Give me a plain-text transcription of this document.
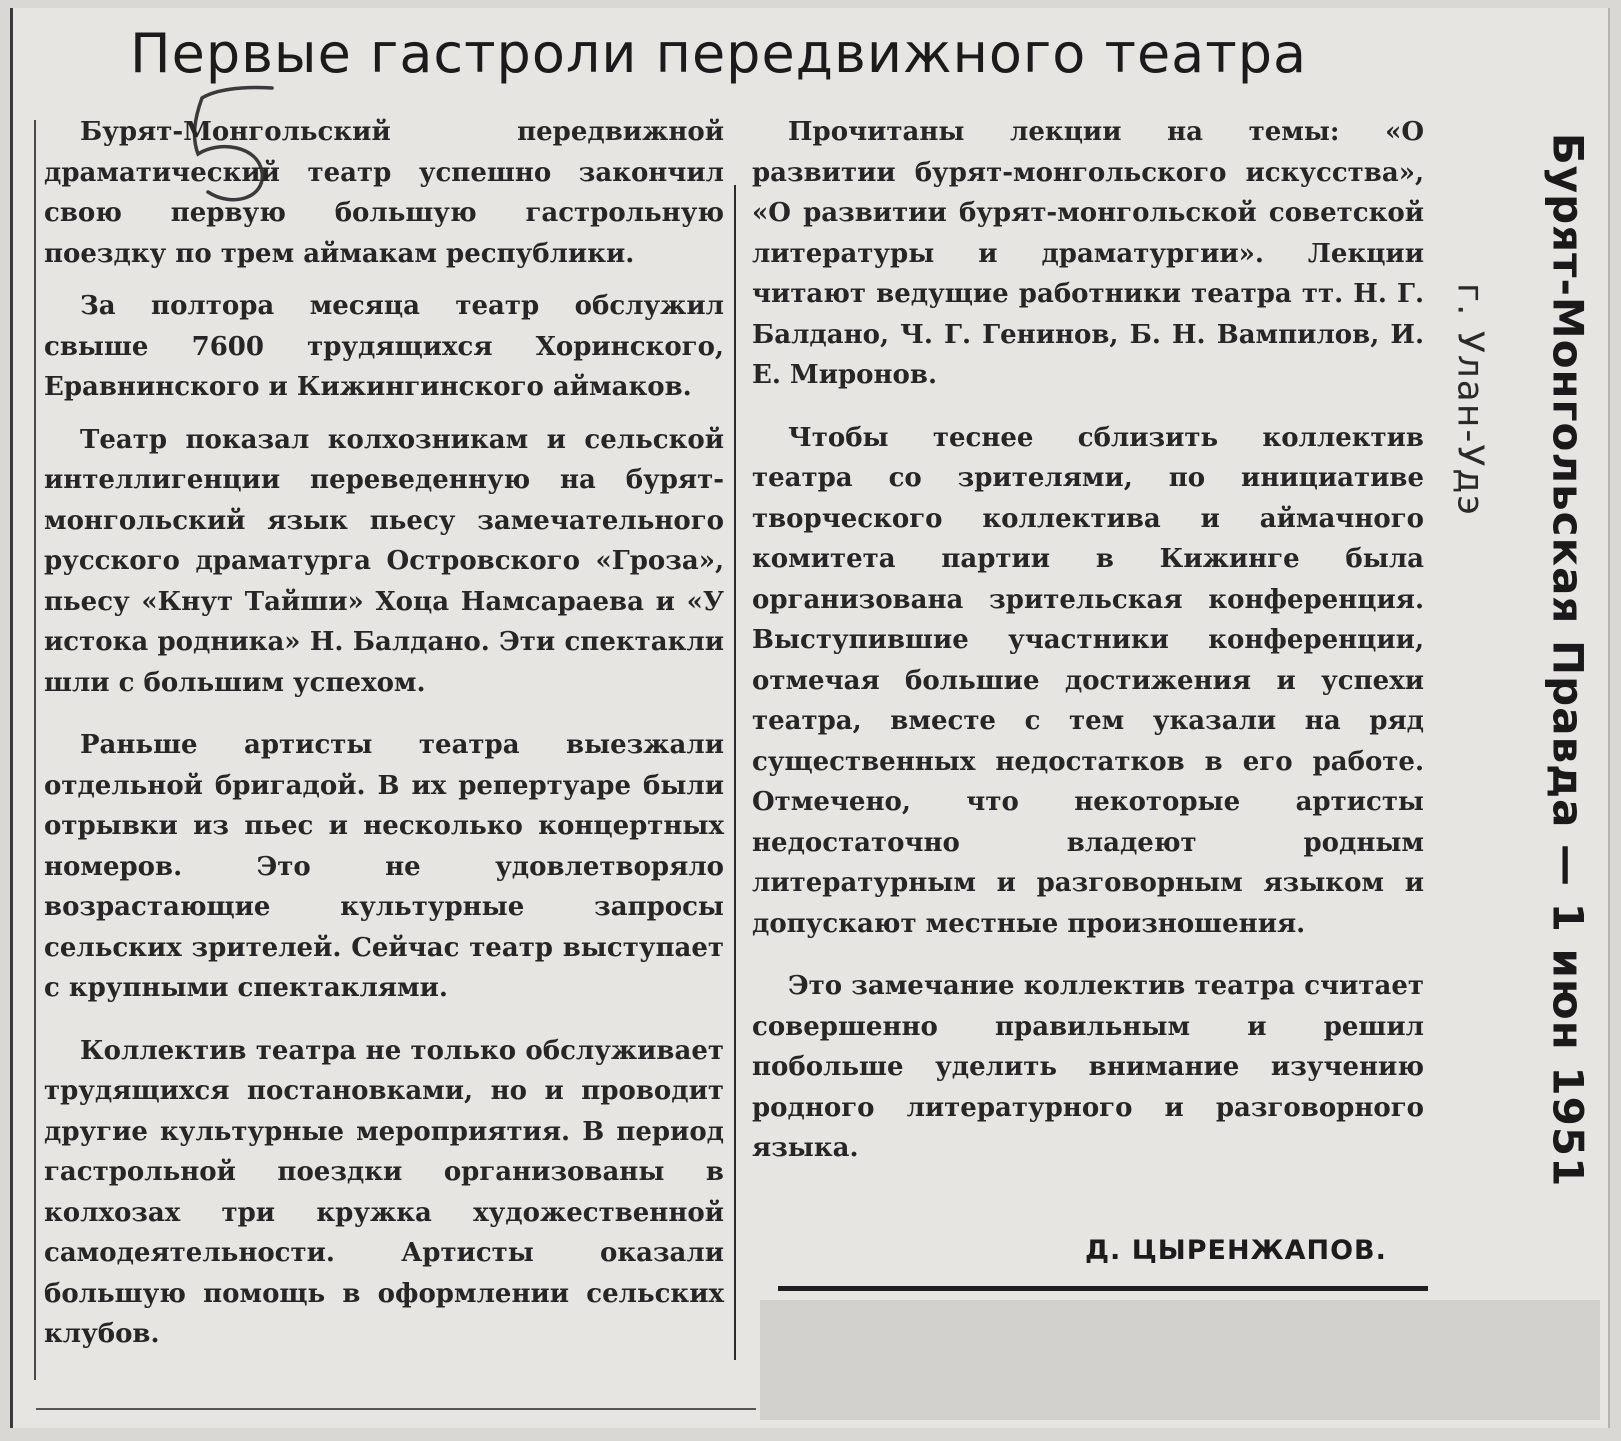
Первые гастроли передвижного театра

Бурят-Монгольский передвижной драматический театр успешно закончил свою первую большую гастрольную поездку по трем аймакам республики.

За полтора месяца театр обслужил свыше 7600 трудящихся Хоринского, Еравнинского и Кижингинского аймаков.

Театр показал колхозникам и сельской интеллигенции переведенную на бурят-монгольский язык пьесу замечательного русского драматурга Островского «Гроза», пьесу «Кнут Тайши» Хоца Намсараева и «У истока родника» Н. Балдано. Эти спектакли шли с большим успехом.

Раньше артисты театра выезжали отдельной бригадой. В их репертуаре были отрывки из пьес и несколько концертных номеров. Это не удовлетворяло возрастающие культурные запросы сельских зрителей. Сейчас театр выступает с крупными спектаклями.

Коллектив театра не только обслуживает трудящихся постановками, но и проводит другие культурные мероприятия. В период гастрольной поездки организованы в колхозах три кружка художественной самодеятельности. Артисты оказали большую помощь в оформлении сельских клубов.

Прочитаны лекции на темы: «О развитии бурят-монгольского искусства», «О развитии бурят-монгольской советской литературы и драматургии». Лекции читают ведущие работники театра тт. Н. Г. Балдано, Ч. Г. Генинов, Б. Н. Вампилов, И. Е. Миронов.

Чтобы теснее сблизить коллектив театра со зрителями, по инициативе творческого коллектива и аймачного комитета партии в Кижинге была организована зрительская конференция. Выступившие участники конференции, отмечая большие достижения и успехи театра, вместе с тем указали на ряд существенных недостатков в его работе. Отмечено, что некоторые артисты недостаточно владеют родным литературным и разговорным языком и допускают местные произношения.

Это замечание коллектив театра считает совершенно правильным и решил побольше уделить внимание изучению родного литературного и разговорного языка.

Д. ЦЫРЕНЖАПОВ.

Бурят-Монгольская Правда — 1 июн 1951
г. Улан-Удэ
